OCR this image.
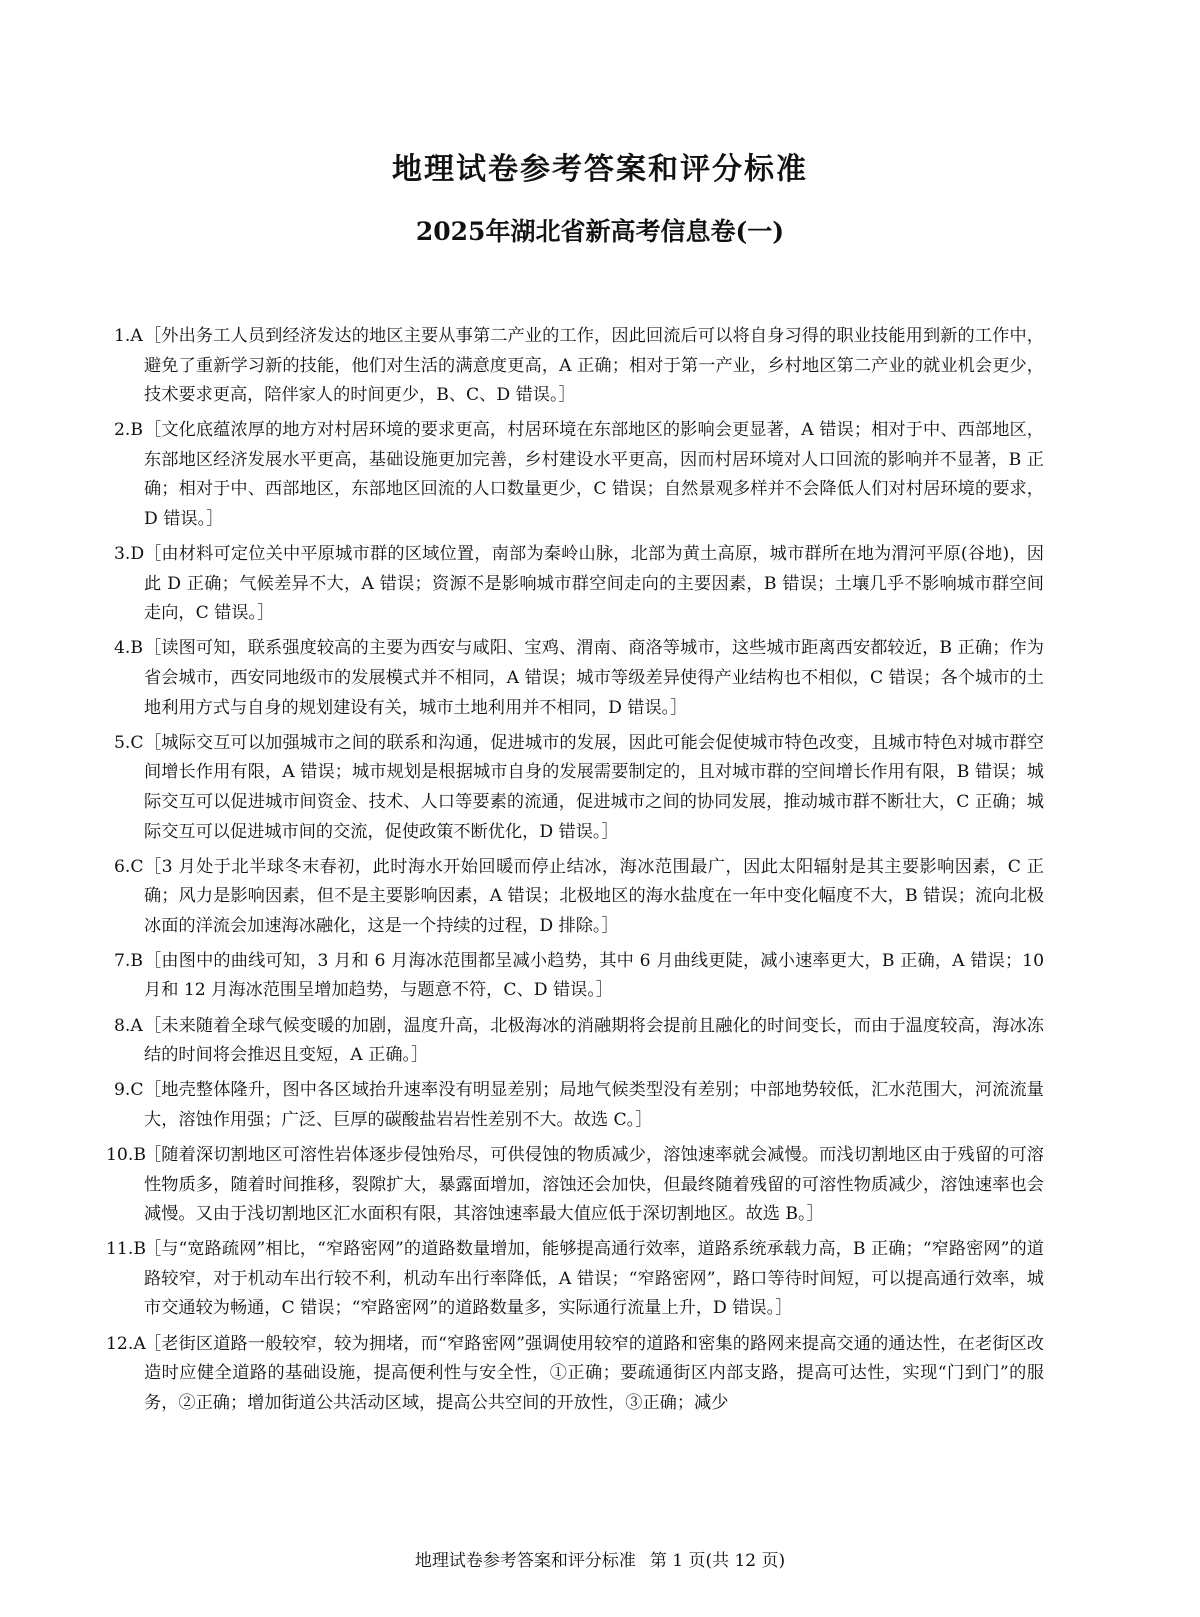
地理试卷参考答案和评分标准
2025年湖北省新高考信息卷(一)
1.A ［外出务工人员到经济发达的地区主要从事第二产业的工作，因此回流后可以将自身习得的职业技能用到新的工作中，避免了重新学习新的技能，他们对生活的满意度更高，A 正确；相对于第一产业，乡村地区第二产业的就业机会更少，技术要求更高，陪伴家人的时间更少，B、C、D 错误。］
2.B ［文化底蕴浓厚的地方对村居环境的要求更高，村居环境在东部地区的影响会更显著，A 错误；相对于中、西部地区，东部地区经济发展水平更高，基础设施更加完善，乡村建设水平更高，因而村居环境对人口回流的影响并不显著，B 正确；相对于中、西部地区，东部地区回流的人口数量更少，C 错误；自然景观多样并不会降低人们对村居环境的要求，D 错误。］
3.D ［由材料可定位关中平原城市群的区域位置，南部为秦岭山脉，北部为黄土高原，城市群所在地为渭河平原(谷地)，因此 D 正确；气候差异不大，A 错误；资源不是影响城市群空间走向的主要因素，B 错误；土壤几乎不影响城市群空间走向，C 错误。］
4.B ［读图可知，联系强度较高的主要为西安与咸阳、宝鸡、渭南、商洛等城市，这些城市距离西安都较近，B 正确；作为省会城市，西安同地级市的发展模式并不相同，A 错误；城市等级差异使得产业结构也不相似，C 错误；各个城市的土地利用方式与自身的规划建设有关，城市土地利用并不相同，D 错误。］
5.C ［城际交互可以加强城市之间的联系和沟通，促进城市的发展，因此可能会促使城市特色改变，且城市特色对城市群空间增长作用有限，A 错误；城市规划是根据城市自身的发展需要制定的，且对城市群的空间增长作用有限，B 错误；城际交互可以促进城市间资金、技术、人口等要素的流通，促进城市之间的协同发展，推动城市群不断壮大，C 正确；城际交互可以促进城市间的交流，促使政策不断优化，D 错误。］
6.C ［3 月处于北半球冬末春初，此时海水开始回暖而停止结冰，海冰范围最广，因此太阳辐射是其主要影响因素，C 正确；风力是影响因素，但不是主要影响因素，A 错误；北极地区的海水盐度在一年中变化幅度不大，B 错误；流向北极冰面的洋流会加速海冰融化，这是一个持续的过程，D 排除。］
7.B ［由图中的曲线可知，3 月和 6 月海冰范围都呈减小趋势，其中 6 月曲线更陡，减小速率更大，B 正确，A 错误；10 月和 12 月海冰范围呈增加趋势，与题意不符，C、D 错误。］
8.A ［未来随着全球气候变暖的加剧，温度升高，北极海冰的消融期将会提前且融化的时间变长，而由于温度较高，海冰冻结的时间将会推迟且变短，A 正确。］
9.C ［地壳整体隆升，图中各区域抬升速率没有明显差别；局地气候类型没有差别；中部地势较低，汇水范围大，河流流量大，溶蚀作用强；广泛、巨厚的碳酸盐岩岩性差别不大。故选 C。］
10.B
［随着深切割地区可溶性岩体逐步侵蚀殆尽，可供侵蚀的物质减少，溶蚀速率就会减慢。而浅切割地区由于残留的可溶性物质多，随着时间推移，裂隙扩大，暴露面增加，溶蚀还会加快，但最终随着残留的可溶性物质减少，溶蚀速率也会减慢。又由于浅切割地区汇水面积有限，其溶蚀速率最大值应低于深切割地区。故选 B。］
11.B
［与“宽路疏网”相比，“窄路密网”的道路数量增加，能够提高通行效率，道路系统承载力高，B 正确；“窄路密网”的道路较窄，对于机动车出行较不利，机动车出行率降低，A 错误；“窄路密网”，路口等待时间短，可以提高通行效率，城市交通较为畅通，C 错误；“窄路密网”的道路数量多，实际通行流量上升，D 错误。］
12.A
［老街区道路一般较窄，较为拥堵，而“窄路密网”强调使用较窄的道路和密集的路网来提高交通的通达性，在老街区改造时应健全道路的基础设施，提高便利性与安全性，①正确；要疏通街区内部支路，提高可达性，实现“门到门”的服务，②正确；增加街道公共活动区域，提高公共空间的开放性，③正确；减少
地理试卷参考答案和评分标准 第 1 页(共 12 页)
